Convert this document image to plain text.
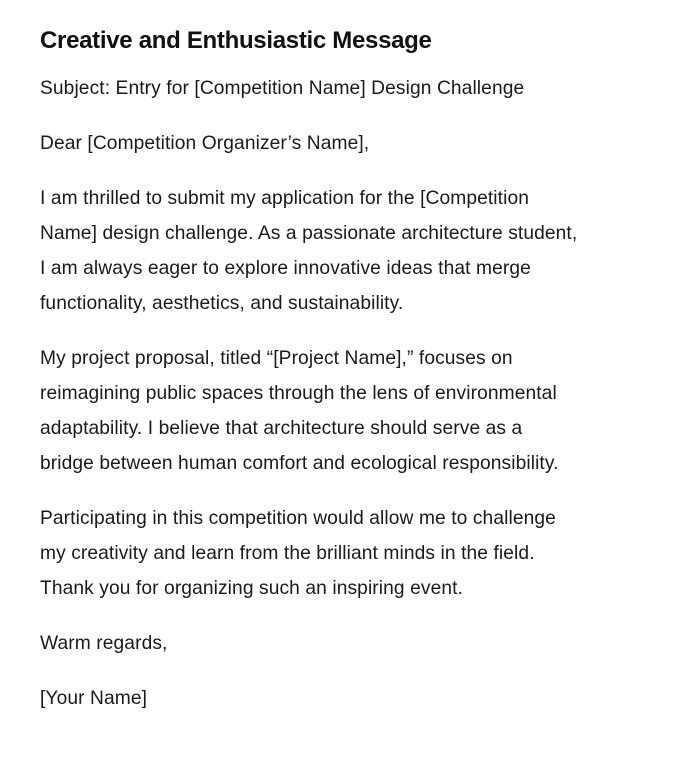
Creative and Enthusiastic Message

Subject: Entry for [Competition Name] Design Challenge

Dear [Competition Organizer’s Name],

I am thrilled to submit my application for the [Competition
Name] design challenge. As a passionate architecture student,
I am always eager to explore innovative ideas that merge
functionality, aesthetics, and sustainability.

My project proposal, titled “[Project Name],” focuses on
reimagining public spaces through the lens of environmental
adaptability. I believe that architecture should serve as a
bridge between human comfort and ecological responsibility.

Participating in this competition would allow me to challenge
my creativity and learn from the brilliant minds in the field.
Thank you for organizing such an inspiring event.

Warm regards,

[Your Name]
